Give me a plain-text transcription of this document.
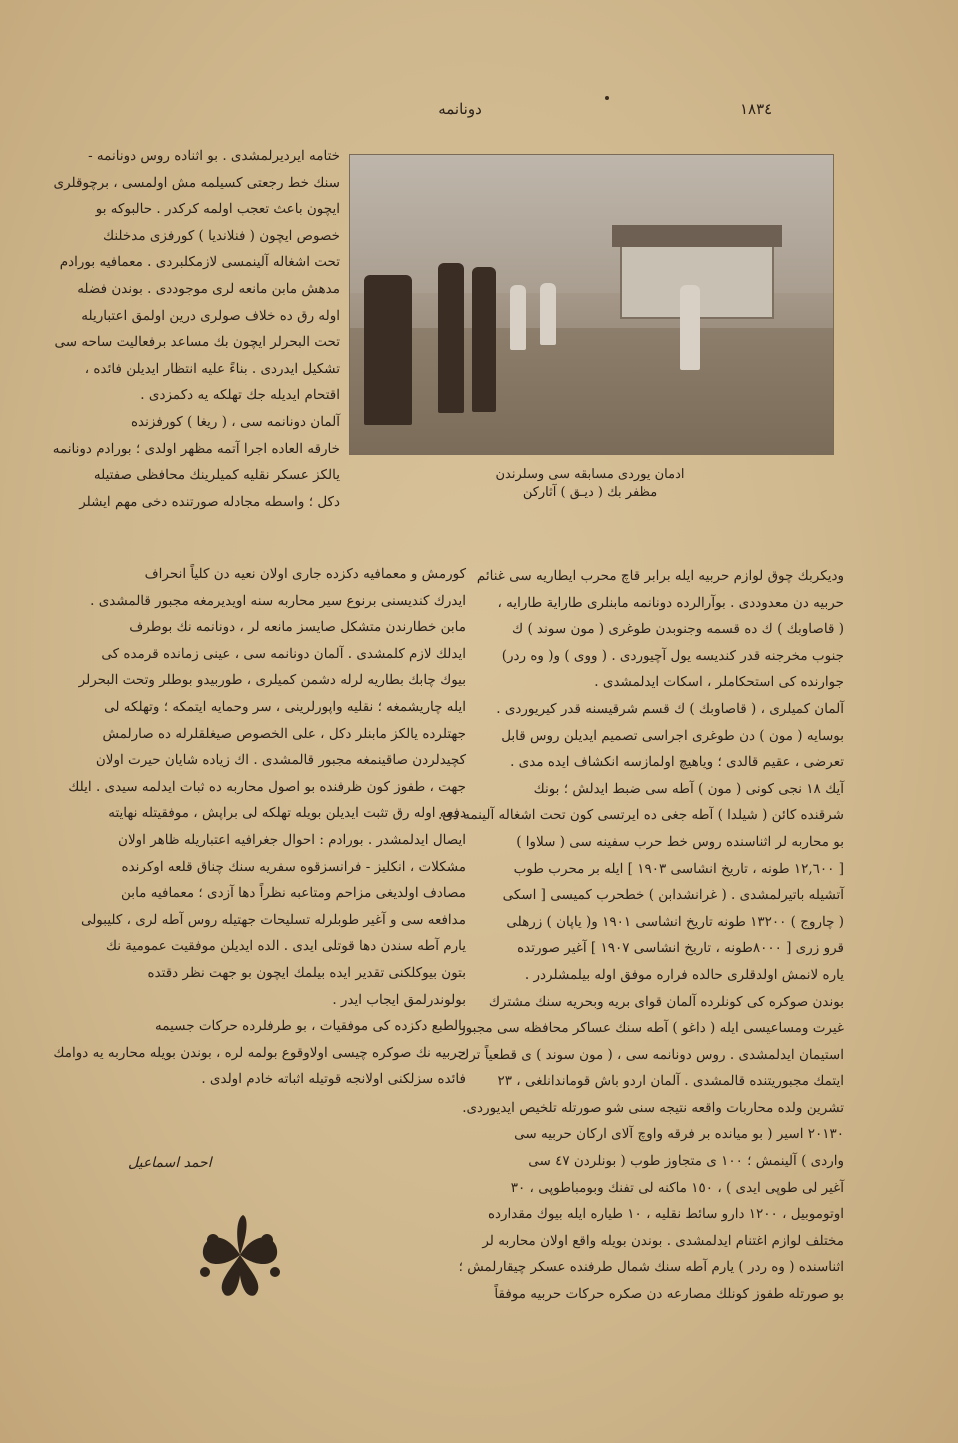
١٨٣٤
دونانمه
ادمان يوردى مسابقه سى وسلرندن
مظفر بك ( ديـق ) آثاركن

ختامه ايرديرلمشدى . بو اثناده روس دونانمه -

سنك خط رجعتى كسيلمه مش اولمسى ، برچوقلرى

ايچون باعث تعجب اولمه كركدر . حالبوكه بو

خصوص ايچون ( فنلانديا ) كورفزى مدخلنك

تحت اشغاله آلينمسى لازمكلبردى . معمافيه بورادم

مدهش مابن مانعه لرى موجوددى . بوندن فضله

اوله رق ده خلاف صولرى درين اولمق اعتباريله

تحت البحرلر ايچون بك مساعد برفعاليت ساحه سى

تشكيل ايدردى . بناءً عليه انتظار ايديلن فائده ،

اقتحام ايديله جك تهلكه يه دكمزدى .

آلمان دونانمه سى ، ( ريغا ) كورفزنده

خارقه العاده اجرا آتمه مظهر اولدى ؛ بورادم دونانمه

يالكز عسكر نقليه كميلرينك محافظى صفتيله

دكل ؛ واسطه مجادله صورتنده دخى مهم ايشلر

كورمش و معمافيه دكزده جارى اولان نعيه دن كلياً انحراف

ايدرك كنديسنى برنوع سير محاربه سنه اويديرمغه مجبور قالمشدى .

مابن خطارندن متشكل صايسز مانعه لر ، دونانمه نك بوطرف

ايدلك لازم كلمشدى . آلمان دونانمه سى ، عينى زمانده قرمده كى

بيوك چابك بطاريه لرله دشمن كميلرى ، طوربيدو بوطلر وتحت البحرلر

ايله چاريشمغه ؛ نقليه واپورلرينى ، سر وحمايه ايتمكه ؛ وتهلكه لى

جهتلرده يالكز مابنلر دكل ، على الخصوص صيغلقلرله ده صارلمش

كچيدلردن صاقينمغه مجبور قالمشدى . اك زياده شايان حيرت اولان

جهت ، طفوز كون ظرفنده بو اصول محاربه ده ثبات ايدلمه سيدى . ايلك

دفعه اوله رق تثبت ايديلن بويله تهلكه لى براپش ، موفقيتله نهايته

ايصال ايدلمشدر . بورادم : احوال جغرافيه اعتباريله ظاهر اولان

مشكلات ، انكليز - فرانسزقوه سفريه سنك چناق قلعه اوكرنده

مصادف اولديغى مزاحم ومتاعبه نظراً دها آزدى ؛ معمافيه مابن

مدافعه سى و آغير طوبلرله تسليحات جهتيله روس آطه لرى ، كليبولى

يارم آطه سندن دها قوتلى ايدى . الده ايديلن موفقيت عمومية نك

بتون بيوكلكنى تقدير ايده بيلمك ايچون بو جهت نظر دقتده

بولوندرلمق ايجاب ايدر .

بالطبع دكزده كى موفقيات ، بو طرفلرده حركات جسيمه

حربيه نك صوكره چيسى اولاوقوع بولمه لره ، بوندن بويله محاربه يه دوامك

فائده سزلكنى اولانجه قوتيله اثباته خادم اولدى .

وديكربك چوق لوازم حربيه ايله برابر قاچ محرب ايطاريه سى غنائم

حربيه دن معدوددى . بوآرالرده دونانمه مابنلرى طاراية طارايه ،

( قاصاوبك ) ك ده قسمه وجنوبدن طوغرى ( مون سوند ) ك

جنوب مخرجنه قدر كنديسه يول آچيوردى . ( ووى ) و( وه ردر)

جوارنده كى استحكاملر ، اسكات ايدلمشدى .

آلمان كميلرى ، ( قاصاوبك ) ك قسم شرقيسنه قدر كيريوردى .

بوسايه ( مون ) دن طوغرى اجراسى تصميم ايديلن روس قابل

تعرضى ، عقيم قالدى ؛ وياهيچ اولمازسه انكشاف ايده مدى .

آيك ١٨ نجى كونى ( مون ) آطه سى ضبط ايدلش ؛ بونك

شرقنده كائن ( شيلدا ) آطه جغى ده ايرتسى كون تحت اشغاله آلينمه دى.

بو محاربه لر اثناسنده روس خط حرب سفينه سى ( سلاوا )

[ ١٢,٦٠٠ طونه ، تاريخ انشاسى ١٩٠٣ ] ايله بر محرب طوب

آتشيله باتيرلمشدى . ( غرانشدابن ) خطحرب كميسى [ اسكى

( چاروج ) ١٣٢٠٠ طونه تاريخ انشاسى ١٩٠١ و( ياپان ) زرهلى

قرو زرى [ ٨٠٠٠طونه ، تاريخ انشاسى ١٩٠٧ ] آغير صورتده

ياره لانمش اولدقلرى حالده فراره موفق اوله بيلمشلردر .

بوندن صوكره كى كونلرده آلمان قواى بريه وبحريه سنك مشترك

غيرت ومساعيسى ايله ( داغو ) آطه سنك عساكر محافظه سى مجبور

استيمان ايدلمشدى . روس دونانمه سى ، ( مون سوند ) ى قطعياً ترك

ايتمك مجبوريتنده قالمشدى . آلمان اردو باش قوماندانلغى ، ٢٣

تشرين ولده محاربات واقعه نتيجه سنى شو صورتله تلخيص ايديوردى.

٢٠١٣٠ اسير ( بو ميانده بر فرقه واوچ آلاى اركان حربيه سى

واردى ) آلينمش ؛ ١٠٠ ى متجاوز طوب ( بونلردن ٤٧ سى

آغير لى طوپى ايدى ) ، ١٥٠ ماكنه لى تفنك وبومباطوپى ، ٣٠

اوتوموبيل ، ١٢٠٠ دارو سائط نقليه ، ١٠ طياره ايله بيوك مقدارده

مختلف لوازم اغتنام ايدلمشدى . بوندن بويله واقع اولان محاربه لر

اثناسنده ( وه ردر ) يارم آطه سنك شمال طرفنده عسكر چيقارلمش ؛

بو صورتله طفوز كونلك مصارعه دن صكره حركات حربيه موفقاً

احمد اسماعيل
